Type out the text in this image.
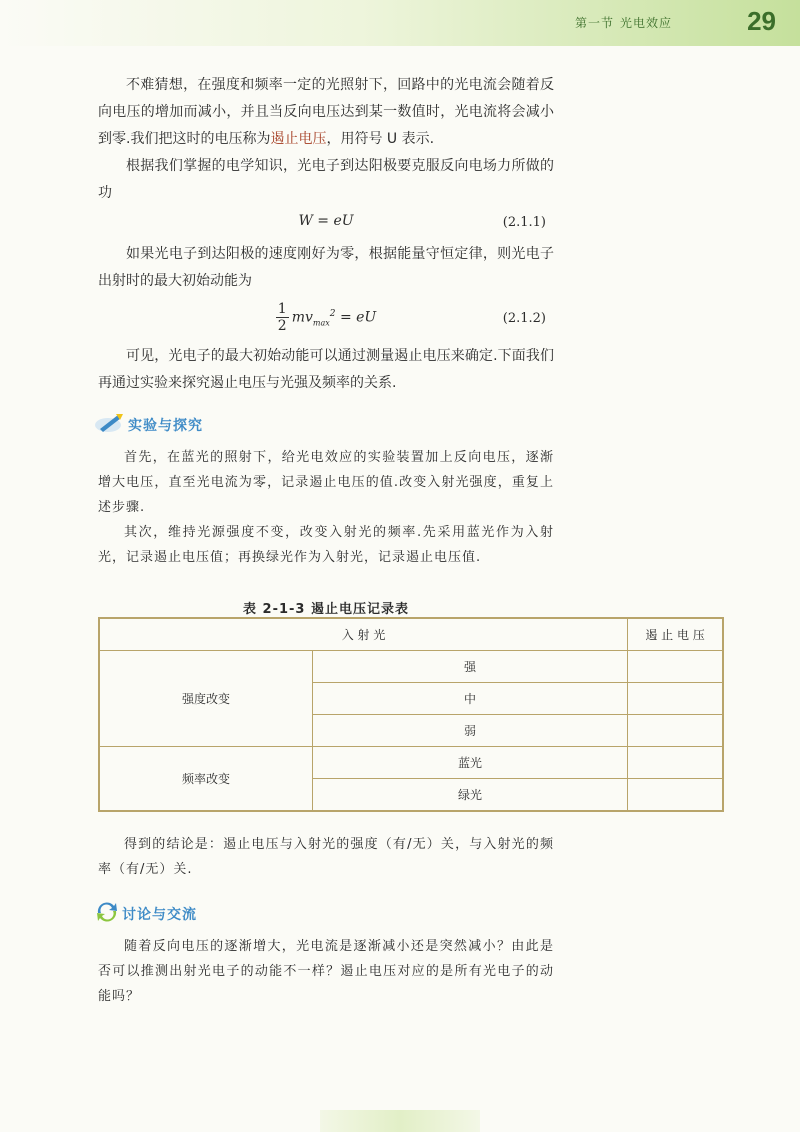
第一节 光电效应	29

不难猜想，在强度和频率一定的光照射下，回路中的光电流会随着反向电压的增加而减小，并且当反向电压达到某一数值时，光电流将会减小到零.我们把这时的电压称为遏止电压，用符号 U 表示.

根据我们掌握的电学知识，光电子到达阳极要克服反向电场力所做的功

W = eU	(2.1.1)

如果光电子到达阳极的速度刚好为零，根据能量守恒定律，则光电子出射时的最大初始动能为

$\frac{1}{2} mv_{max}^2$ = eU	(2.1.2)

可见，光电子的最大初始动能可以通过测量遏止电压来确定.下面我们再通过实验来探究遏止电压与光强及频率的关系.

实验与探究

首先，在蓝光的照射下，给光电效应的实验装置加上反向电压，逐渐增大电压，直至光电流为零，记录遏止电压的值.改变入射光强度，重复上述步骤.

其次，维持光源强度不变，改变入射光的频率.先采用蓝光作为入射光，记录遏止电压值；再换绿光作为入射光，记录遏止电压值.

表 2-1-3 遏止电压记录表
入 射 光		遏 止 电 压
强度改变	强	
	中	
	弱	
频率改变	蓝光	
	绿光	

得到的结论是：遏止电压与入射光的强度（有/无）关，与入射光的频率（有/无）关.

讨论与交流

随着反向电压的逐渐增大，光电流是逐渐减小还是突然减小？由此是否可以推测出射光电子的动能不一样？遏止电压对应的是所有光电子的动能吗？
